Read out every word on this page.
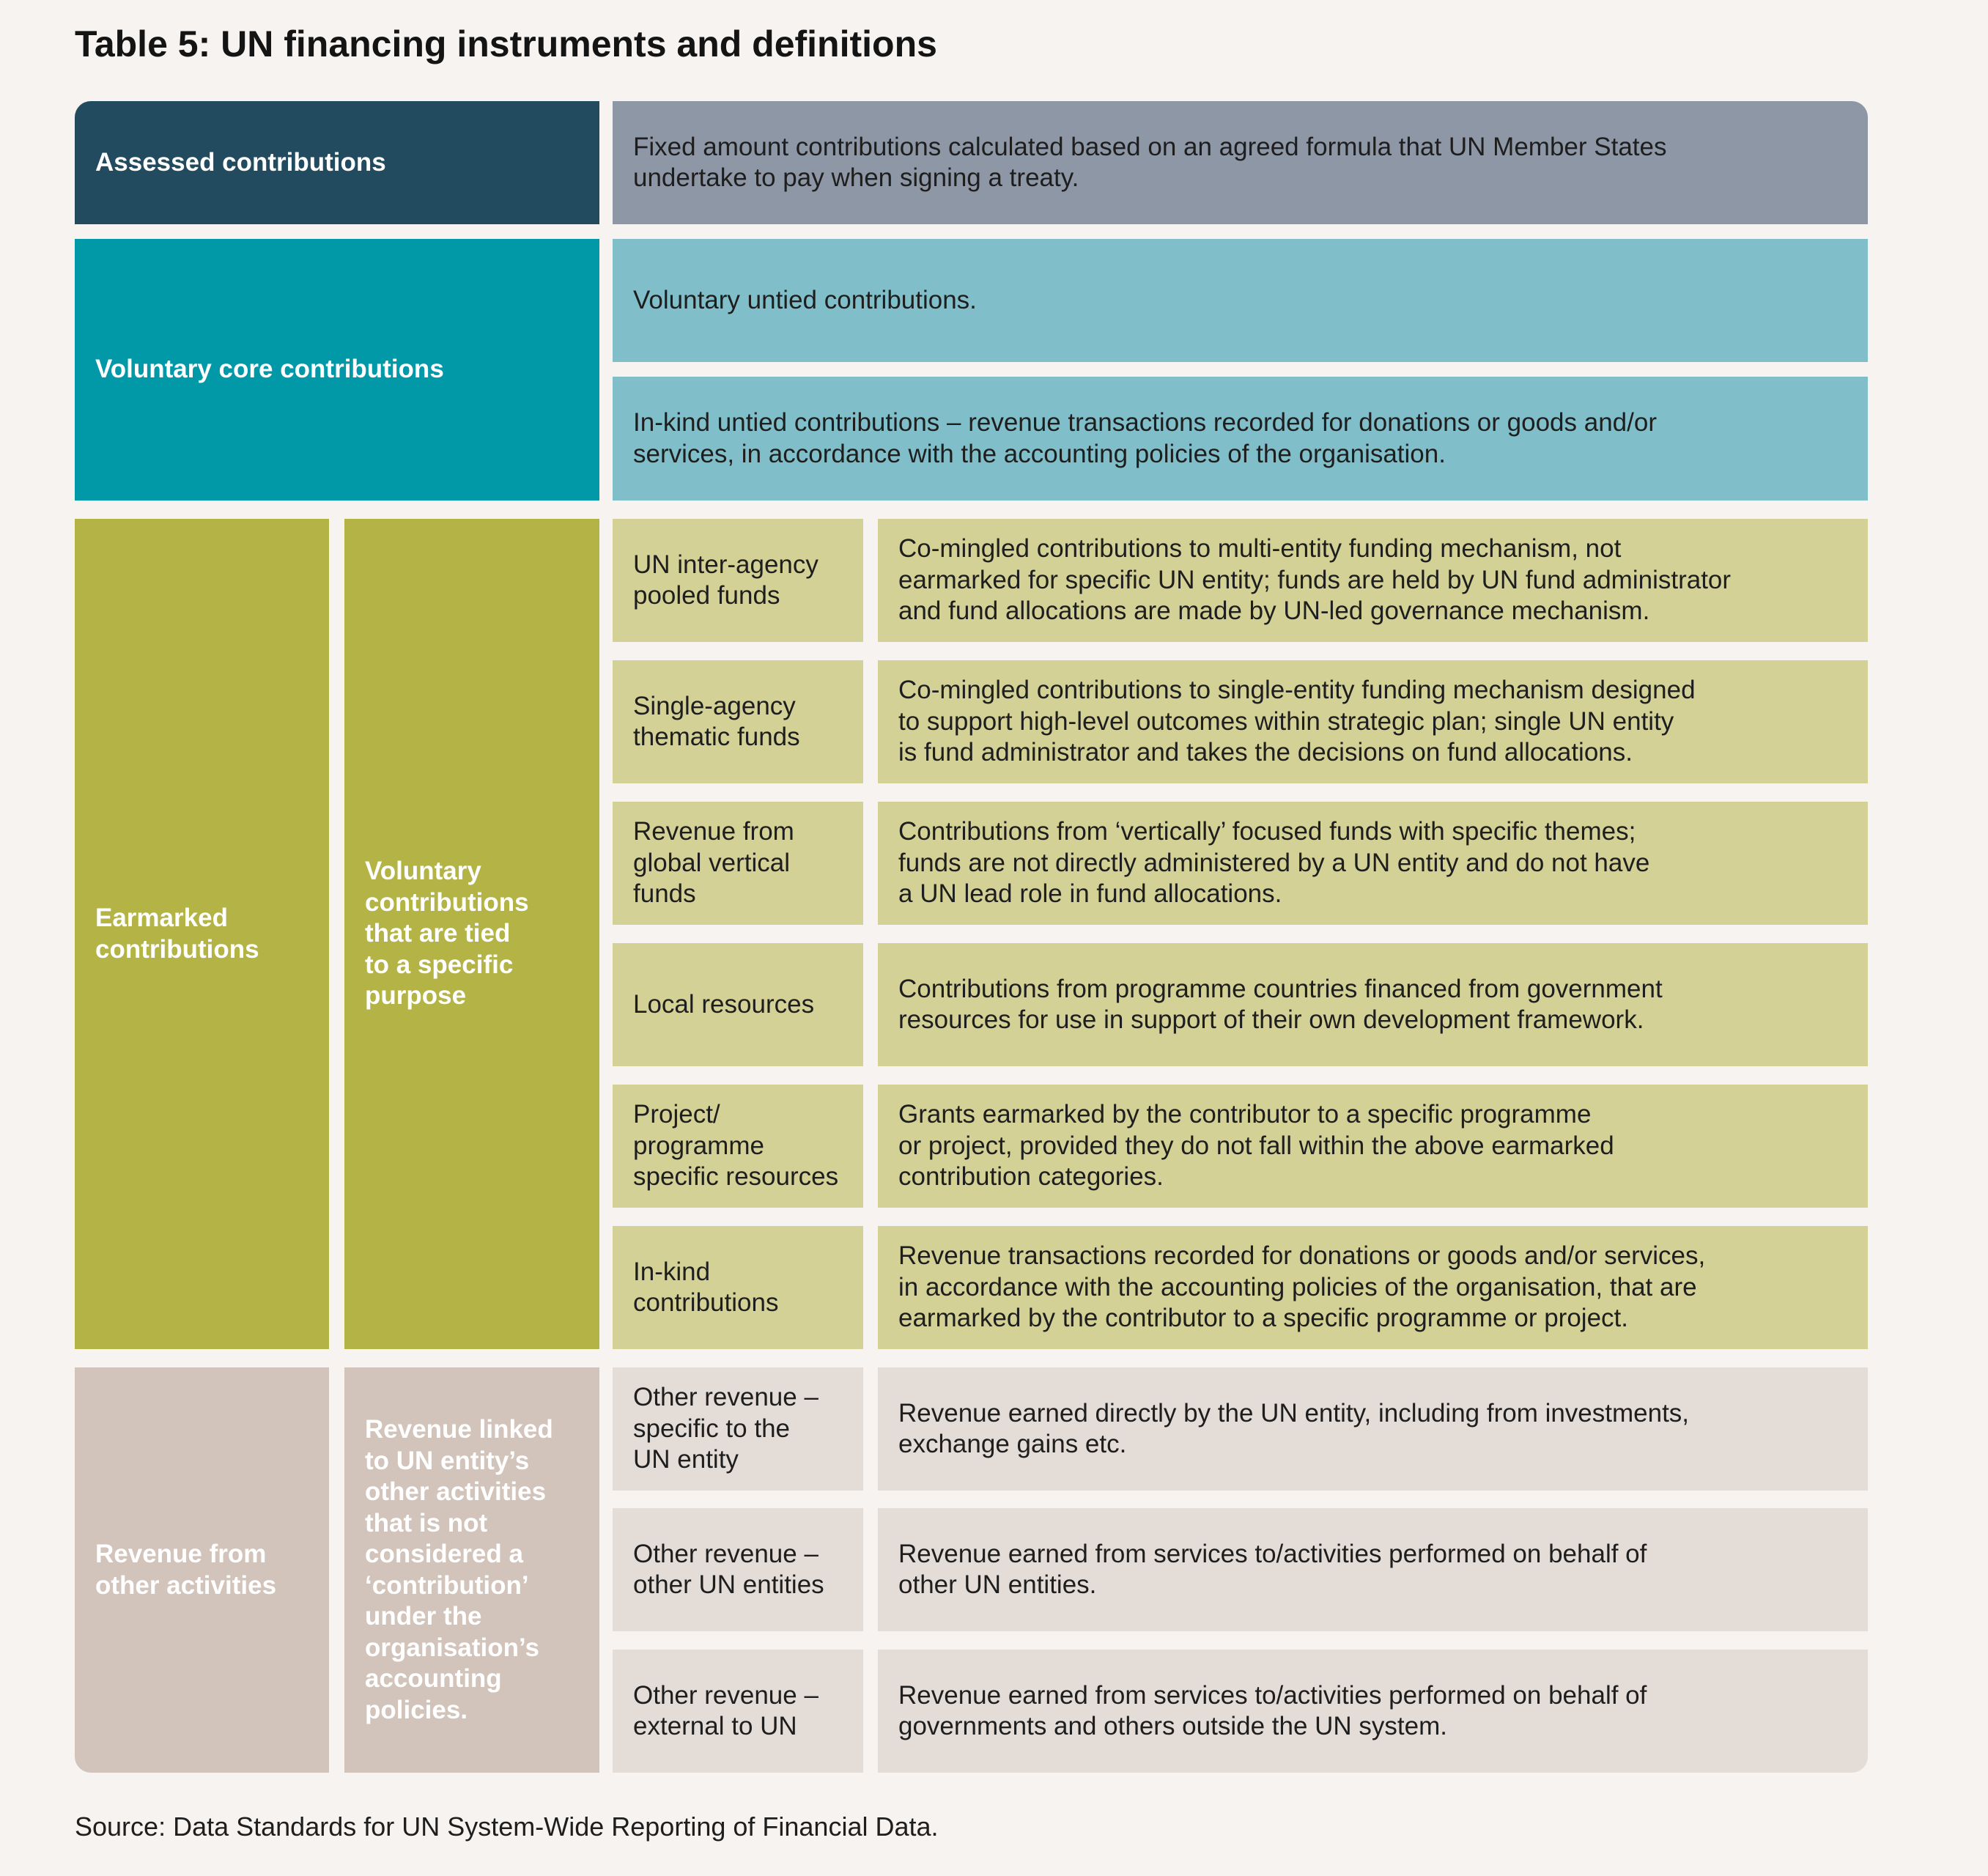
Table 5: UN financing instruments and definitions
Assessed contributions
Fixed amount contributions calculated based on an agreed formula that UN Member States
undertake to pay when signing a treaty.
Voluntary core contributions
Voluntary untied contributions.
In-kind untied contributions – revenue transactions recorded for donations or goods and/or
services, in accordance with the accounting policies of the organisation.
Earmarked
contributions
Voluntary
contributions
that are tied
to a specific
purpose
UN inter-agency
pooled funds
Co-mingled contributions to multi-entity funding mechanism, not
earmarked for specific UN entity; funds are held by UN fund administrator
and fund allocations are made by UN-led governance mechanism.
Single-agency
thematic funds
Co-mingled contributions to single-entity funding mechanism designed
to support high-level outcomes within strategic plan; single UN entity
is fund administrator and takes the decisions on fund allocations.
Revenue from
global vertical
funds
Contributions from ‘vertically’ focused funds with specific themes;
funds are not directly administered by a UN entity and do not have
a UN lead role in fund allocations.
Local resources
Contributions from programme countries financed from government
resources for use in support of their own development framework.
Project/
programme
specific resources
Grants earmarked by the contributor to a specific programme
or project, provided they do not fall within the above earmarked
contribution categories.
In-kind
contributions
Revenue transactions recorded for donations or goods and/or services,
in accordance with the accounting policies of the organisation, that are
earmarked by the contributor to a specific programme or project.
Revenue from
other activities
Revenue linked
to UN entity’s
other activities
that is not
considered a
‘contribution’
under the
organisation’s
accounting
policies.
Other revenue –
specific to the
UN entity
Revenue earned directly by the UN entity, including from investments,
exchange gains etc.
Other revenue –
other UN entities
Revenue earned from services to/activities performed on behalf of
other UN entities.
Other revenue –
external to UN
Revenue earned from services to/activities performed on behalf of
governments and others outside the UN system.
Source: Data Standards for UN System-Wide Reporting of Financial Data.
